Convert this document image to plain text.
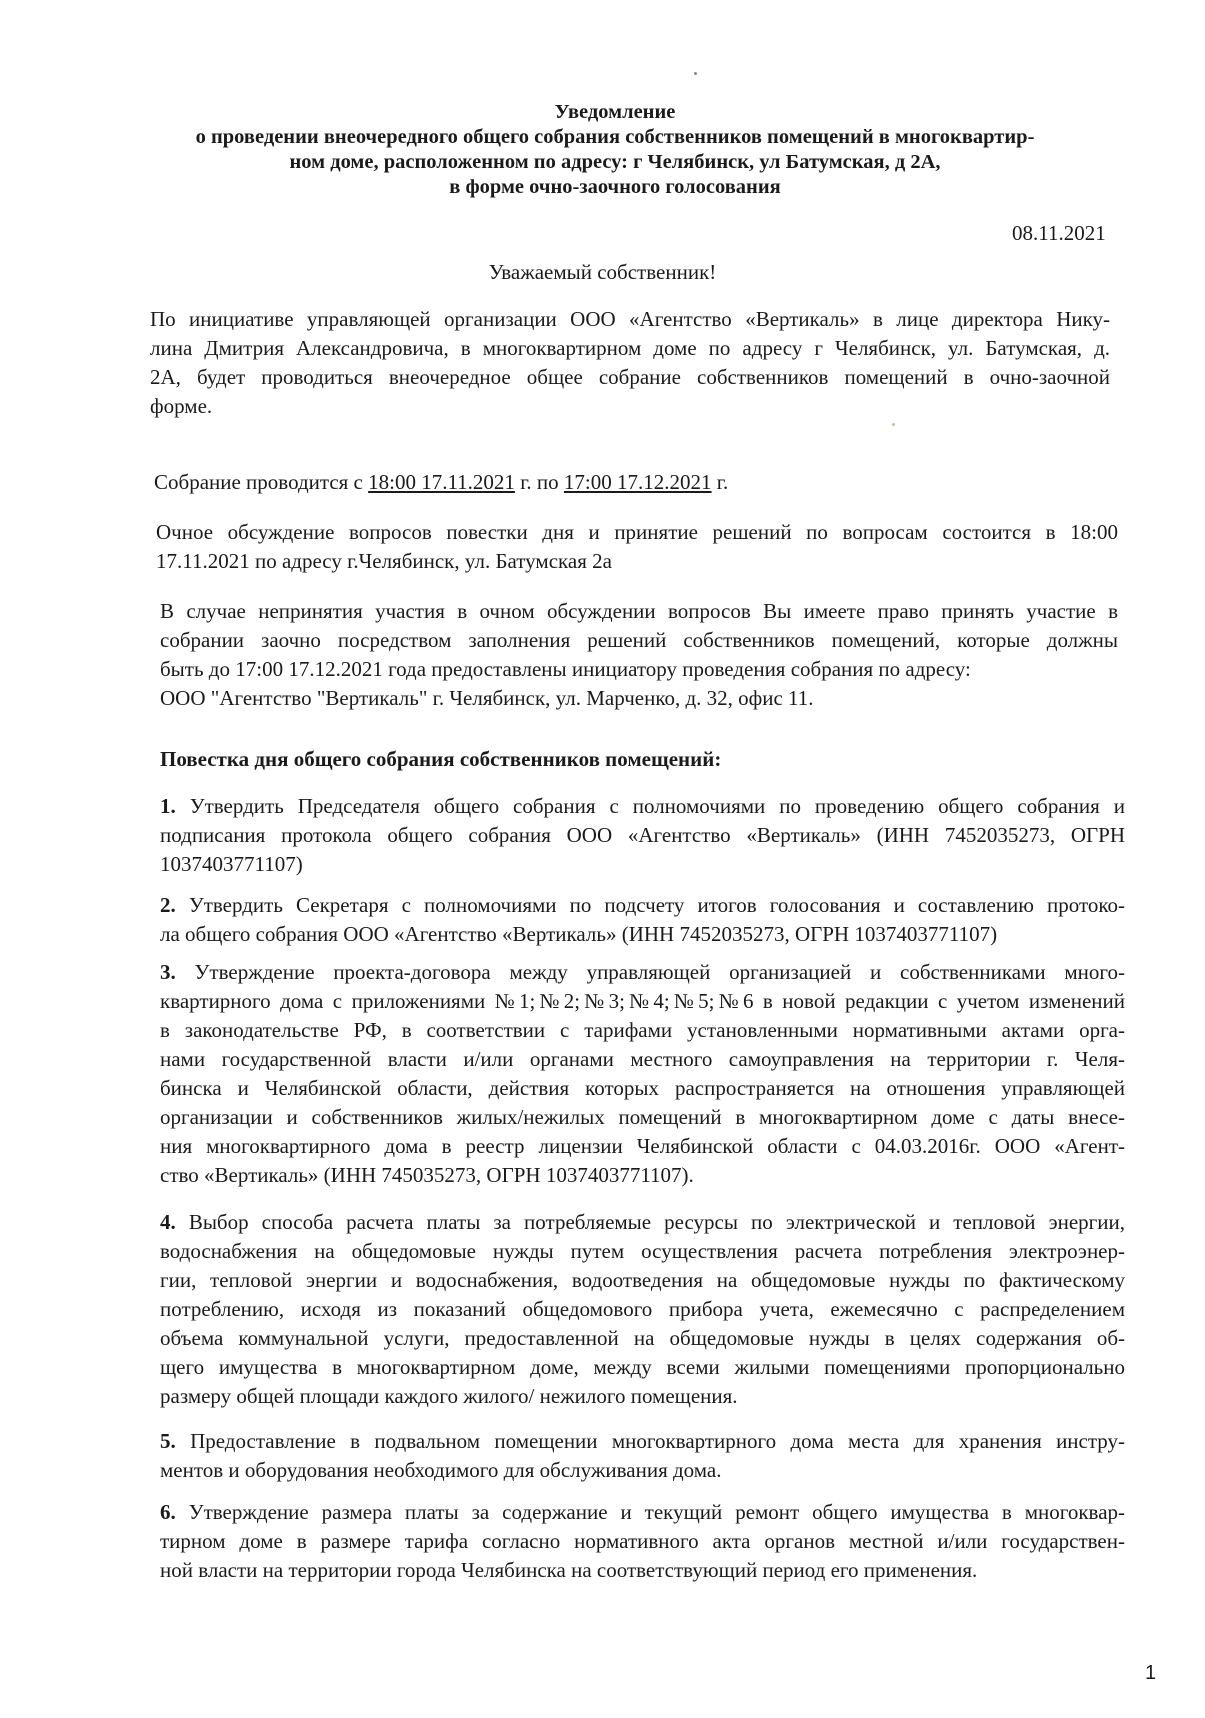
Уведомление
о проведении внеочередного общего собрания собственников помещений в многоквартир-
ном доме, расположенном по адресу: г Челябинск, ул Батумская, д 2А,
в форме очно-заочного голосования
08.11.2021
Уважаемый собственник!
По инициативе управляющей организации ООО «Агентство «Вертикаль» в лице директора Нику-
лина Дмитрия Александровича, в многоквартирном доме по адресу г Челябинск, ул. Батумская, д.
2А, будет проводиться внеочередное общее собрание собственников помещений в очно-заочной
форме.
Собрание проводится с 18:00 17.11.2021 г. по 17:00 17.12.2021 г.
Очное обсуждение вопросов повестки дня и принятие решений по вопросам состоится в 18:00
17.11.2021 по адресу г.Челябинск, ул. Батумская 2а
В случае непринятия участия в очном обсуждении вопросов Вы имеете право принять участие в
собрании заочно посредством заполнения решений собственников помещений, которые должны
быть до 17:00 17.12.2021 года предоставлены инициатору проведения собрания по адресу:
ООО "Агентство "Вертикаль" г. Челябинск, ул. Марченко, д. 32, офис 11.
Повестка дня общего собрания собственников помещений:
1. Утвердить Председателя общего собрания с полномочиями по проведению общего собрания и
подписания протокола общего собрания ООО «Агентство «Вертикаль» (ИНН 7452035273, ОГРН
1037403771107)
2. Утвердить Секретаря с полномочиями по подсчету итогов голосования и составлению протоко-
ла общего собрания ООО «Агентство «Вертикаль» (ИНН 7452035273, ОГРН 1037403771107)
3. Утверждение проекта-договора между управляющей организацией и собственниками много-
квартирного дома с приложениями №1;№2;№3;№4;№5;№6 в новой редакции с учетом изменений
в законодательстве РФ, в соответствии с тарифами установленными нормативными актами орга-
нами государственной власти и/или органами местного самоуправления на территории г. Челя-
бинска и Челябинской области, действия которых распространяется на отношения управляющей
организации и собственников жилых/нежилых помещений в многоквартирном доме с даты внесе-
ния многоквартирного дома в реестр лицензии Челябинской области с 04.03.2016г. ООО «Агент-
ство «Вертикаль» (ИНН 745035273, ОГРН 1037403771107).
4. Выбор способа расчета платы за потребляемые ресурсы по электрической и тепловой энергии,
водоснабжения на общедомовые нужды путем осуществления расчета потребления электроэнер-
гии, тепловой энергии и водоснабжения, водоотведения на общедомовые нужды по фактическому
потреблению, исходя из показаний общедомового прибора учета, ежемесячно с распределением
объема коммунальной услуги, предоставленной на общедомовые нужды в целях содержания об-
щего имущества в многоквартирном доме, между всеми жилыми помещениями пропорционально
размеру общей площади каждого жилого/ нежилого помещения.
5. Предоставление в подвальном помещении многоквартирного дома места для хранения инстру-
ментов и оборудования необходимого для обслуживания дома.
6. Утверждение размера платы за содержание и текущий ремонт общего имущества в многоквар-
тирном доме в размере тарифа согласно нормативного акта органов местной и/или государствен-
ной власти на территории города Челябинска на соответствующий период его применения.
1
